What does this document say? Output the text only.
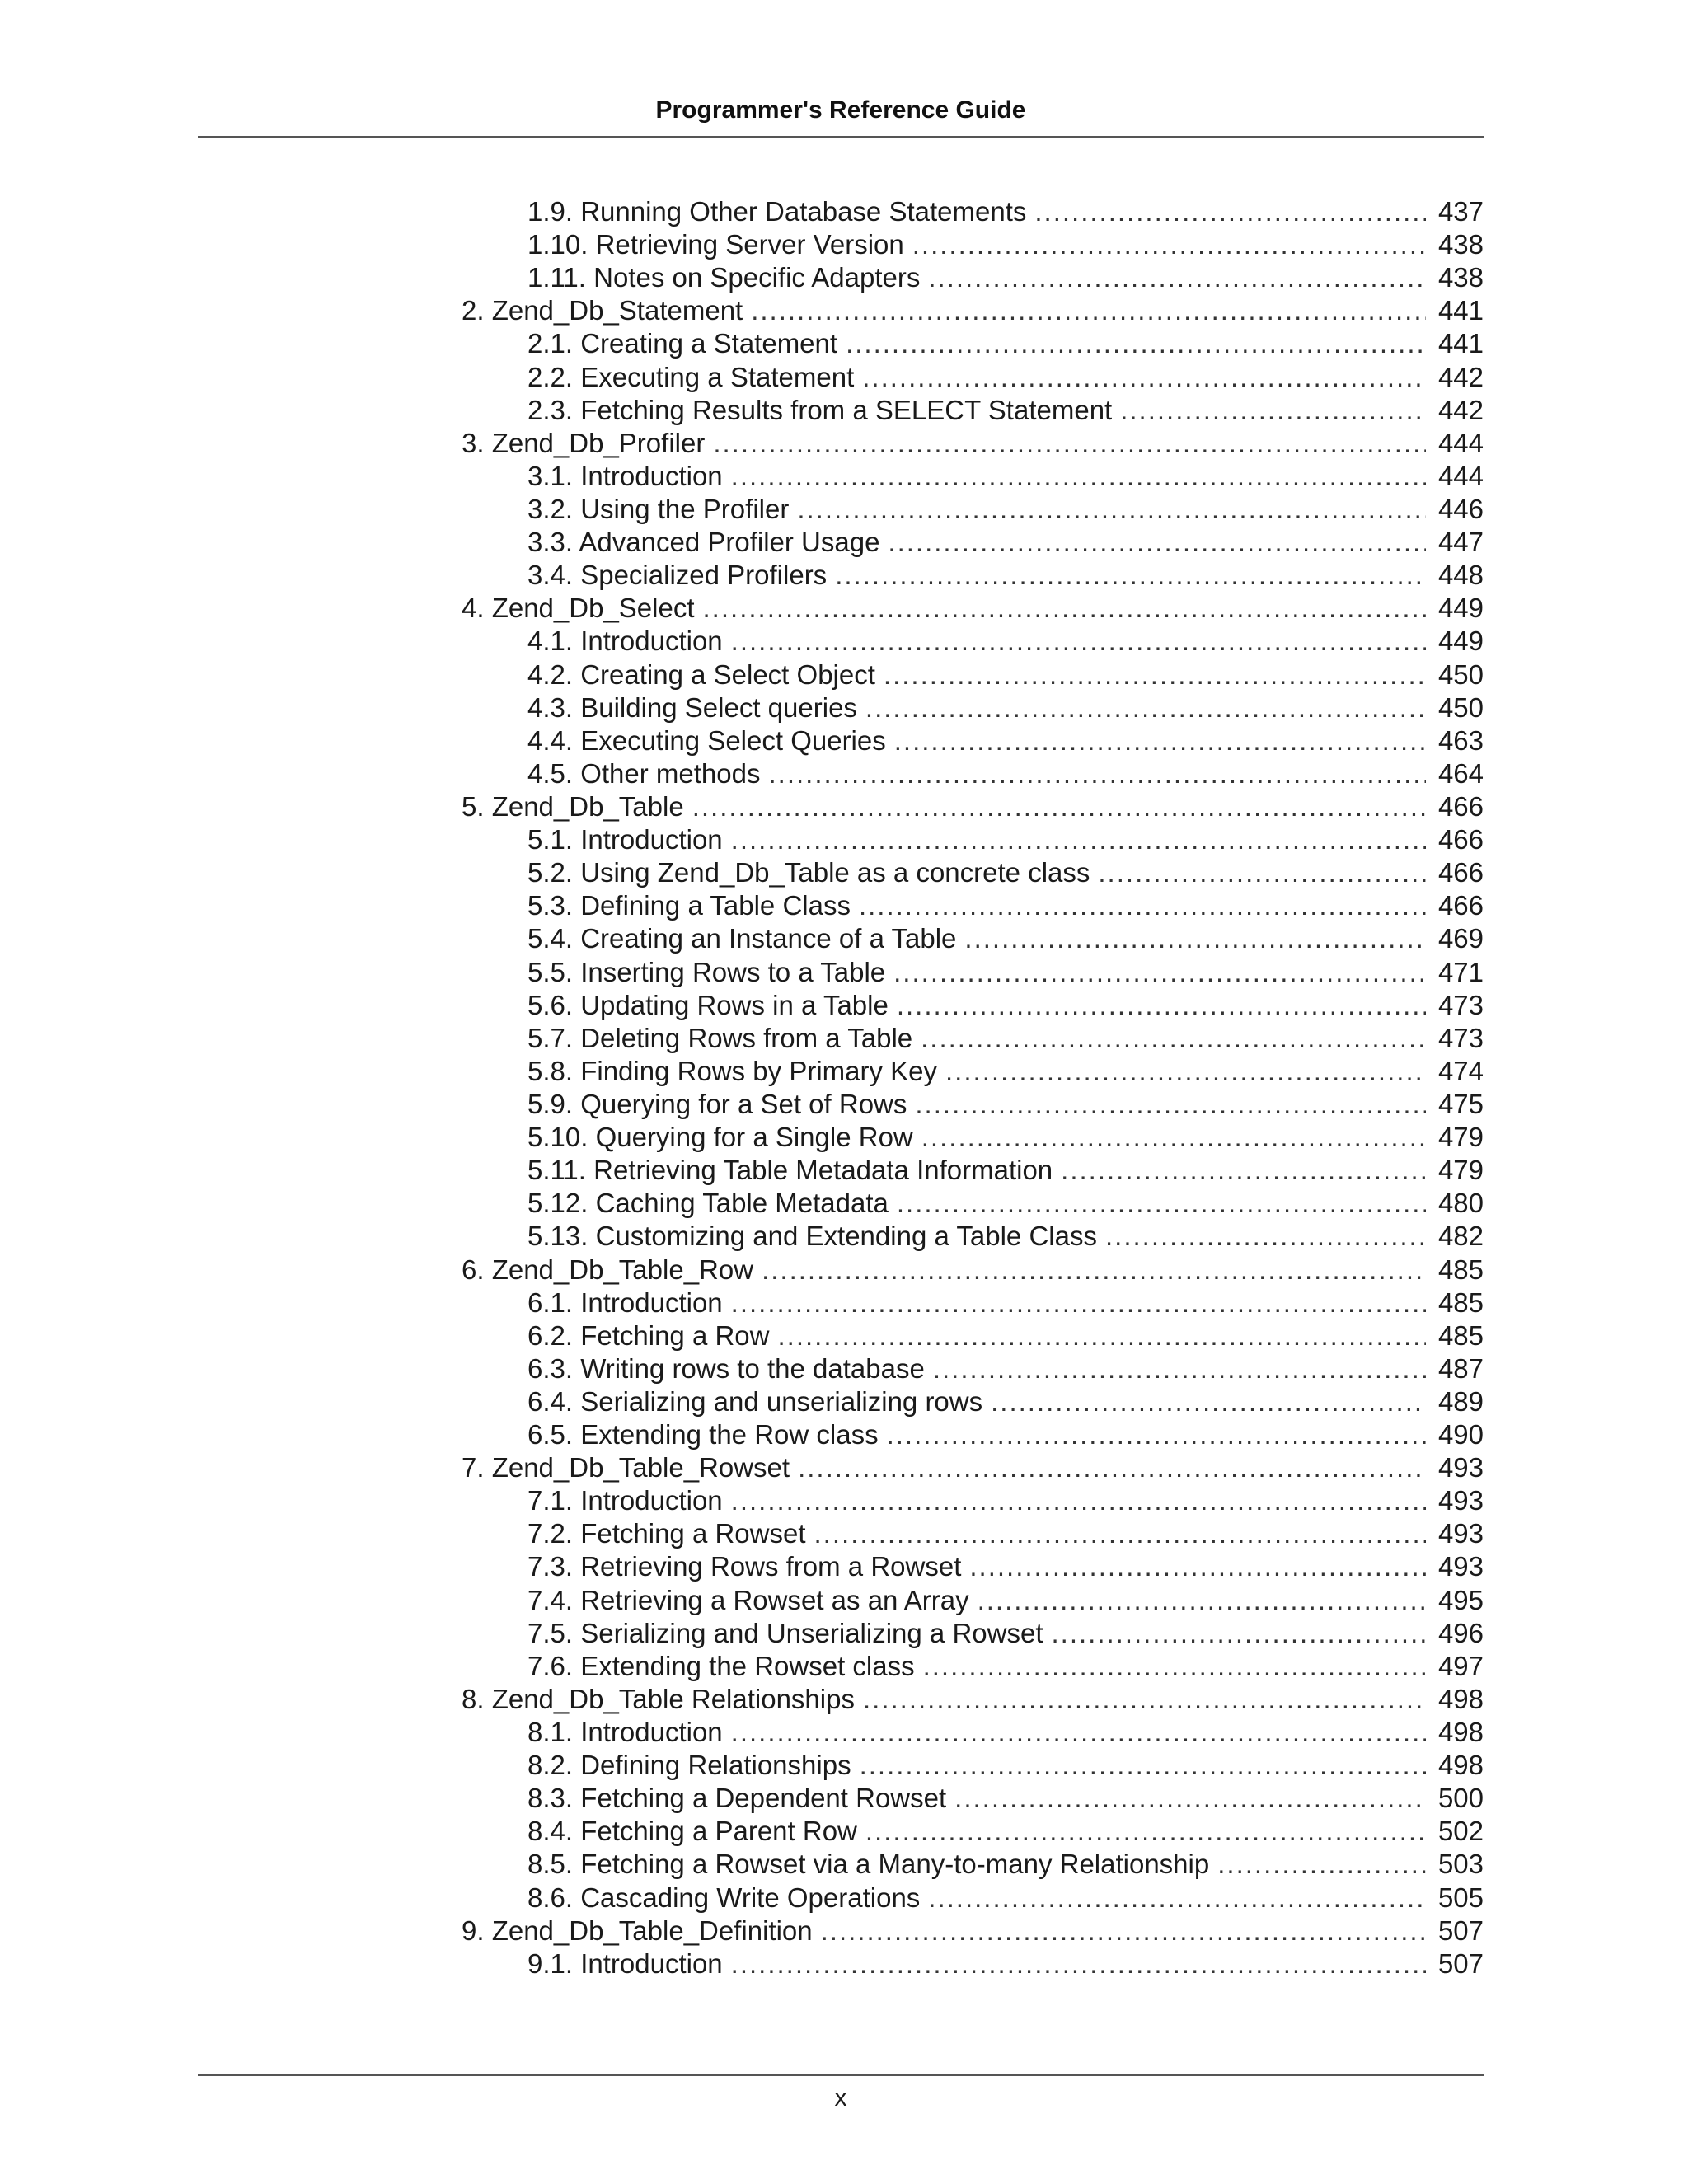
Programmer's Reference Guide
1.9. Running Other Database Statements .....	437
1.10. Retrieving Server Version .....	438
1.11. Notes on Specific Adapters .....	438
2. Zend_Db_Statement .....	441
2.1. Creating a Statement .....	441
2.2. Executing a Statement .....	442
2.3. Fetching Results from a SELECT Statement .....	442
3. Zend_Db_Profiler .....	444
3.1. Introduction .....	444
3.2. Using the Profiler .....	446
3.3. Advanced Profiler Usage .....	447
3.4. Specialized Profilers .....	448
4. Zend_Db_Select .....	449
4.1. Introduction .....	449
4.2. Creating a Select Object .....	450
4.3. Building Select queries .....	450
4.4. Executing Select Queries .....	463
4.5. Other methods .....	464
5. Zend_Db_Table .....	466
5.1. Introduction .....	466
5.2. Using Zend_Db_Table as a concrete class .....	466
5.3. Defining a Table Class .....	466
5.4. Creating an Instance of a Table .....	469
5.5. Inserting Rows to a Table .....	471
5.6. Updating Rows in a Table .....	473
5.7. Deleting Rows from a Table .....	473
5.8. Finding Rows by Primary Key .....	474
5.9. Querying for a Set of Rows .....	475
5.10. Querying for a Single Row .....	479
5.11. Retrieving Table Metadata Information .....	479
5.12. Caching Table Metadata .....	480
5.13. Customizing and Extending a Table Class .....	482
6. Zend_Db_Table_Row .....	485
6.1. Introduction .....	485
6.2. Fetching a Row .....	485
6.3. Writing rows to the database .....	487
6.4. Serializing and unserializing rows .....	489
6.5. Extending the Row class .....	490
7. Zend_Db_Table_Rowset .....	493
7.1. Introduction .....	493
7.2. Fetching a Rowset .....	493
7.3. Retrieving Rows from a Rowset .....	493
7.4. Retrieving a Rowset as an Array .....	495
7.5. Serializing and Unserializing a Rowset .....	496
7.6. Extending the Rowset class .....	497
8. Zend_Db_Table Relationships .....	498
8.1. Introduction .....	498
8.2. Defining Relationships .....	498
8.3. Fetching a Dependent Rowset .....	500
8.4. Fetching a Parent Row .....	502
8.5. Fetching a Rowset via a Many-to-many Relationship .....	503
8.6. Cascading Write Operations .....	505
9. Zend_Db_Table_Definition .....	507
9.1. Introduction .....	507
x
